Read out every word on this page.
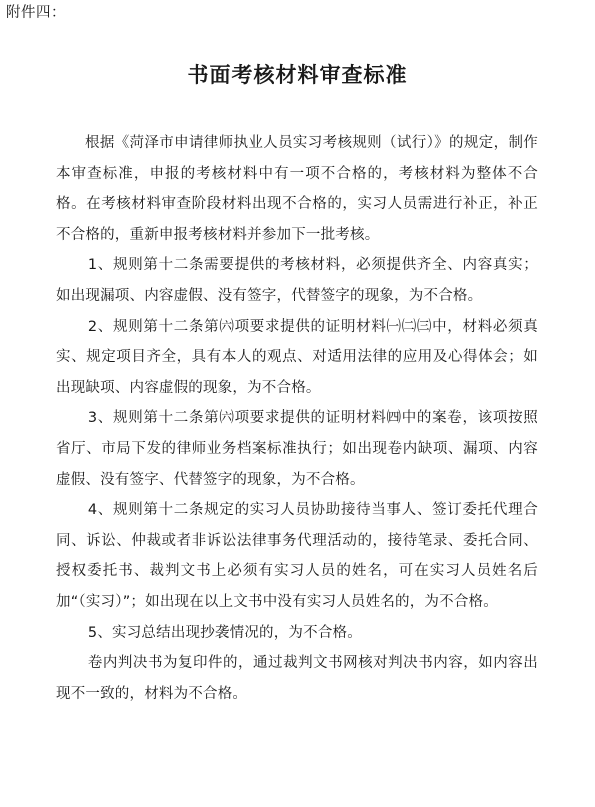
附件四：
书面考核材料审查标准

根据《菏泽市申请律师执业人员实习考核规则（试行）》的规定，制作本审查标准，申报的考核材料中有一项不合格的，考核材料为整体不合格。在考核材料审查阶段材料出现不合格的，实习人员需进行补正，补正不合格的，重新申报考核材料并参加下一批考核。

1、规则第十二条需要提供的考核材料，必须提供齐全、内容真实；如出现漏项、内容虚假、没有签字，代替签字的现象，为不合格。

2、规则第十二条第㈥项要求提供的证明材料㈠㈡㈢中，材料必须真实、规定项目齐全，具有本人的观点、对适用法律的应用及心得体会；如出现缺项、内容虚假的现象，为不合格。

3、规则第十二条第㈥项要求提供的证明材料㈣中的案卷，该项按照省厅、市局下发的律师业务档案标准执行；如出现卷内缺项、漏项、内容虚假、没有签字、代替签字的现象，为不合格。

4、规则第十二条规定的实习人员协助接待当事人、签订委托代理合同、诉讼、仲裁或者非诉讼法律事务代理活动的，接待笔录、委托合同、授权委托书、裁判文书上必须有实习人员的姓名，可在实习人员姓名后加“（实习）”；如出现在以上文书中没有实习人员姓名的，为不合格。

5、实习总结出现抄袭情况的，为不合格。

卷内判决书为复印件的，通过裁判文书网核对判决书内容，如内容出现不一致的，材料为不合格。
